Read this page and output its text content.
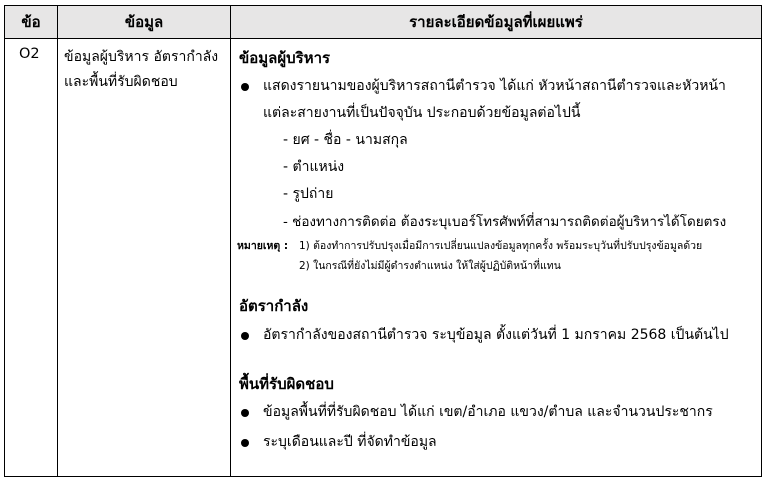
ข้อ	ข้อมูล	รายละเอียดข้อมูลที่เผยแพร่
O2 ข้อมูลผู้บริหาร อัตรากำลัง
และพื้นที่รับผิดชอบ
ข้อมูลผู้บริหาร
แสดงรายนามของผู้บริหารสถานีตำรวจ ได้แก่ หัวหน้าสถานีตำรวจและหัวหน้า
แต่ละสายงานที่เป็นปัจจุบัน ประกอบด้วยข้อมูลต่อไปนี้
- ยศ - ชื่อ - นามสกุล
- ตำแหน่ง
- รูปถ่าย
- ช่องทางการติดต่อ ต้องระบุเบอร์โทรศัพท์ที่สามารถติดต่อผู้บริหารได้โดยตรง
หมายเหตุ : 1) ต้องทำการปรับปรุงเมื่อมีการเปลี่ยนแปลงข้อมูลทุกครั้ง พร้อมระบุวันที่ปรับปรุงข้อมูลด้วย
2) ในกรณีที่ยังไม่มีผู้ดำรงตำแหน่ง ให้ใส่ผู้ปฏิบัติหน้าที่แทน
อัตรากำลัง
อัตรากำลังของสถานีตำรวจ ระบุข้อมูล ตั้งแต่วันที่ 1 มกราคม 2568 เป็นต้นไป
พื้นที่รับผิดชอบ
ข้อมูลพื้นที่ที่รับผิดชอบ ได้แก่ เขต/อำเภอ แขวง/ตำบล และจำนวนประชากร
ระบุเดือนและปี ที่จัดทำข้อมูล
